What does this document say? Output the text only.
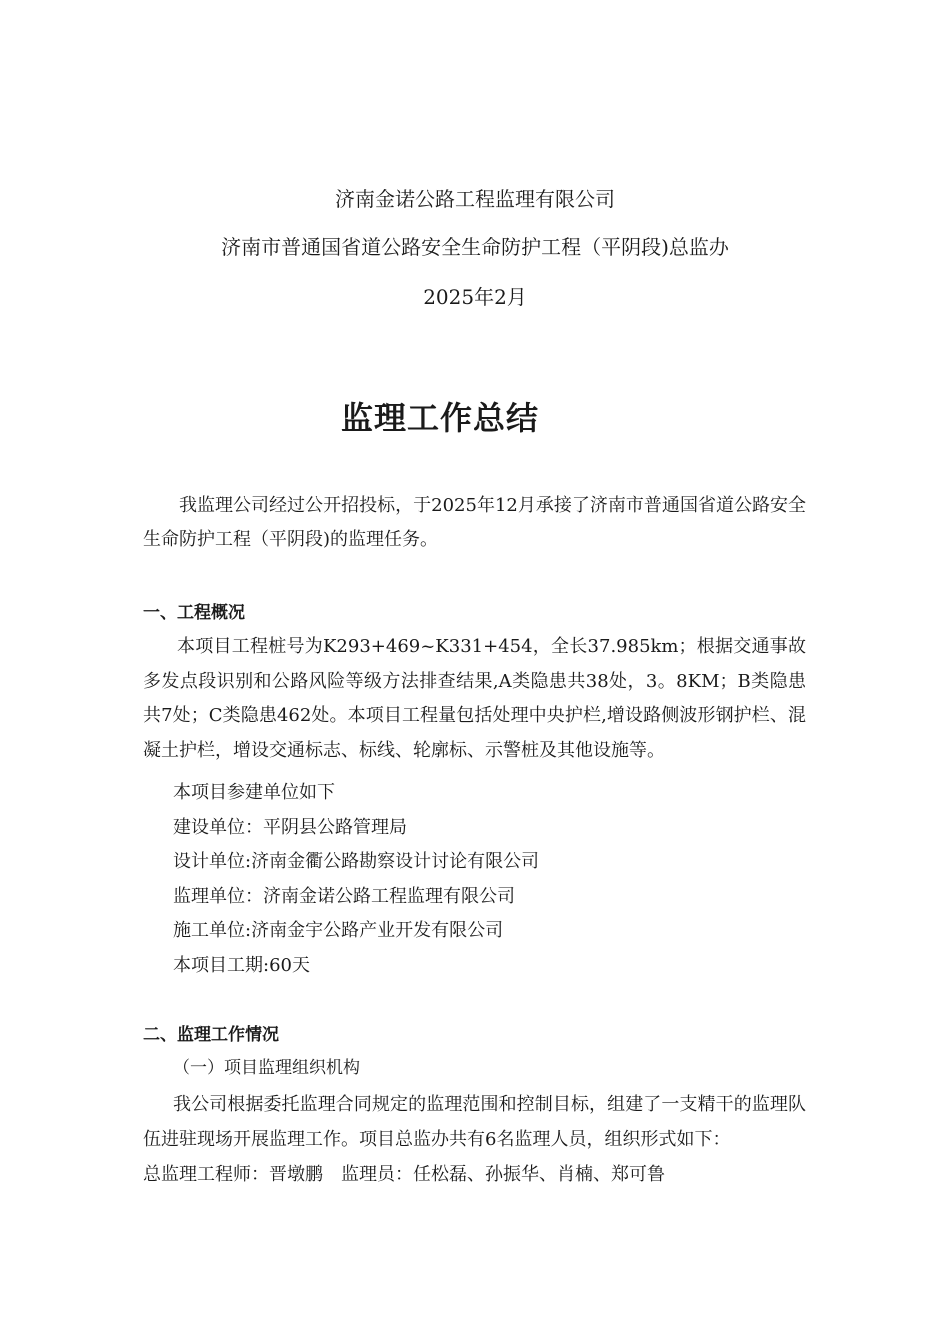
济南金诺公路工程监理有限公司
济南市普通国省道公路安全生命防护工程（平阴段)总监办
2025年2月
监理工作总结

我监理公司经过公开招投标，于2025年12月承接了济南市普通国省道公路安全生命防护工程（平阴段)的监理任务。

一、工程概况

本项目工程桩号为K293+469~K331+454，全长37.985km；根据交通事故多发点段识别和公路风险等级方法排查结果,A类隐患共38处，3。8KM；B类隐患共7处；C类隐患462处。本项目工程量包括处理中央护栏,增设路侧波形钢护栏、混凝土护栏，增设交通标志、标线、轮廓标、示警桩及其他设施等。

本项目参建单位如下
建设单位：平阴县公路管理局
设计单位:济南金衢公路勘察设计讨论有限公司
监理单位：济南金诺公路工程监理有限公司
施工单位:济南金宇公路产业开发有限公司
本项目工期:60天
二、监理工作情况
（一）项目监理组织机构

我公司根据委托监理合同规定的监理范围和控制目标，组建了一支精干的监理队伍进驻现场开展监理工作。项目总监办共有6名监理人员，组织形式如下：

总监理工程师：晋墩鹏　监理员：任松磊、孙振华、肖楠、郑可鲁
